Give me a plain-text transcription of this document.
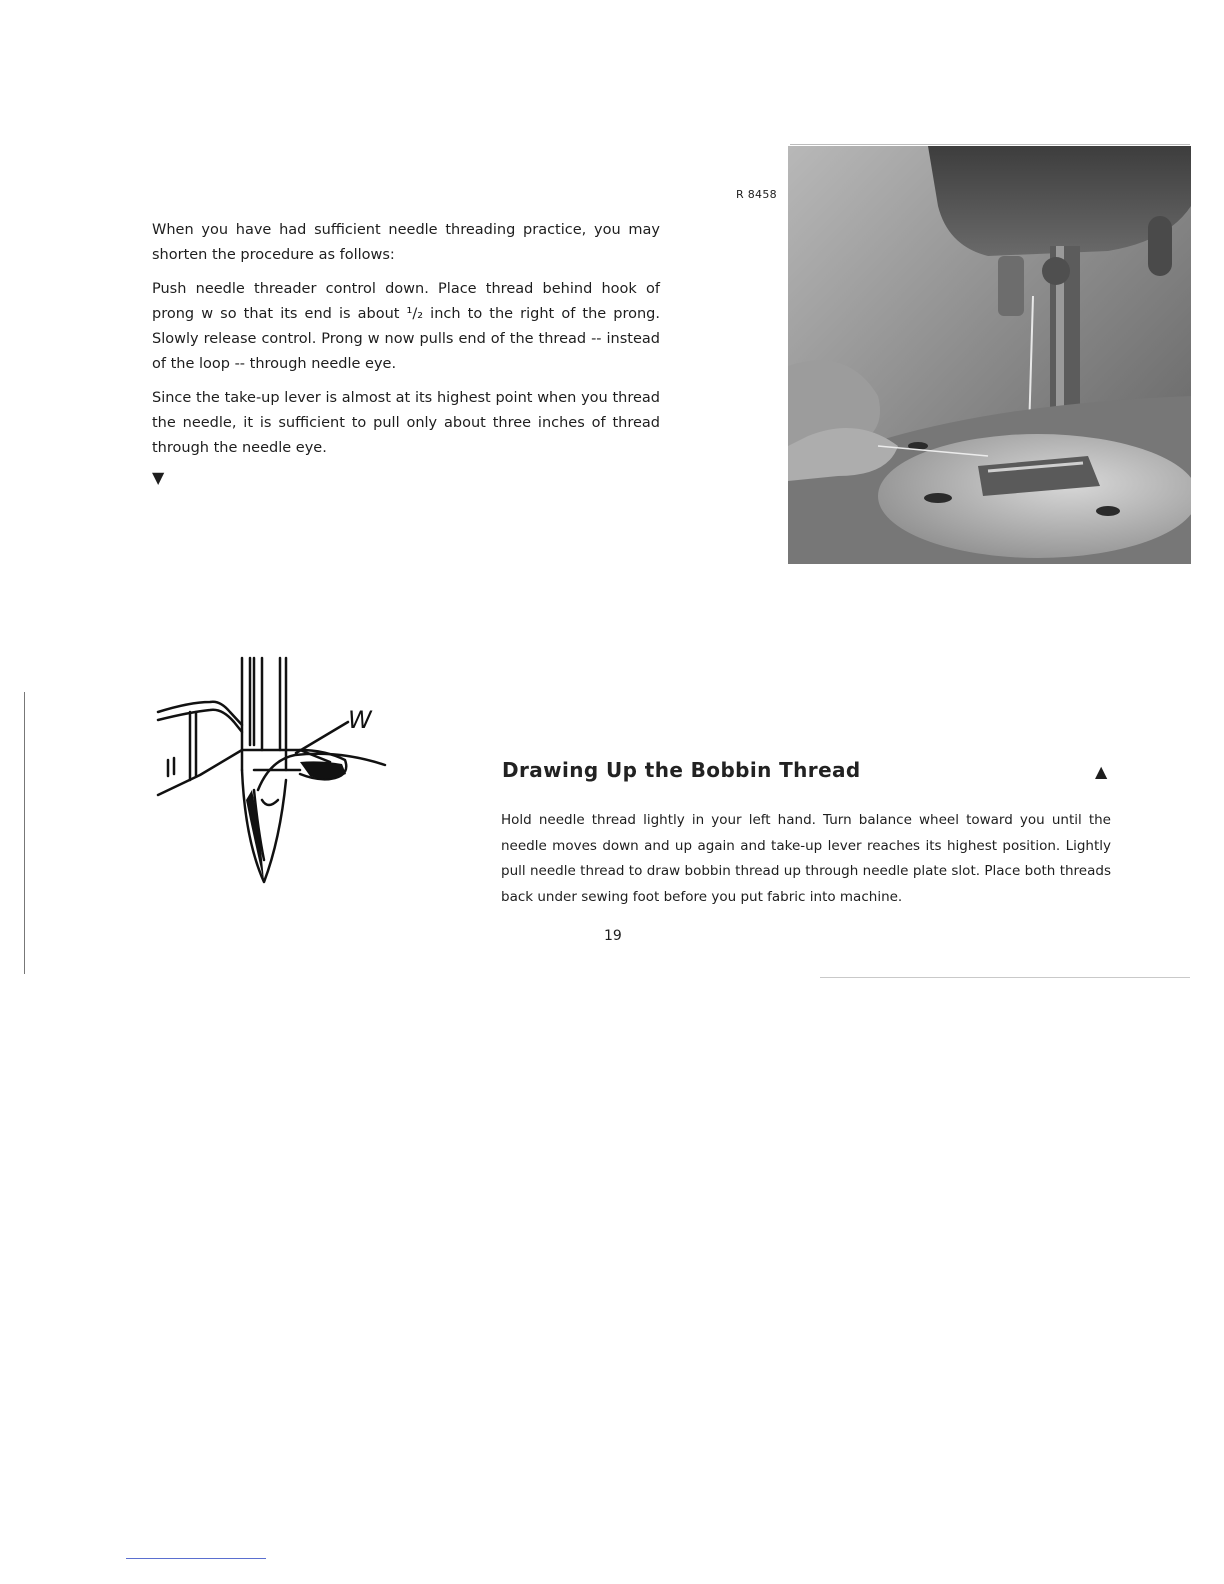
When you have had sufficient needle threading practice, you may shorten the procedure as follows:

Push needle threader control down. Place thread behind hook of prong w so that its end is about ¹/₂ inch to the right of the prong. Slowly release control. Prong w now pulls end of the thread -- instead of the loop -- through needle eye.

Since the take-up lever is almost at its highest point when you thread the needle, it is sufficient to pull only about three inches of thread through the needle eye.

▼
R 8458
W
Drawing Up the Bobbin Thread	▲
Hold needle thread lightly in your left hand. Turn balance wheel toward you until the needle moves down and up again and take-up lever reaches its highest position. Lightly pull needle thread to draw bobbin thread up through needle plate slot. Place both threads back under sewing foot before you put fabric into machine.
19
